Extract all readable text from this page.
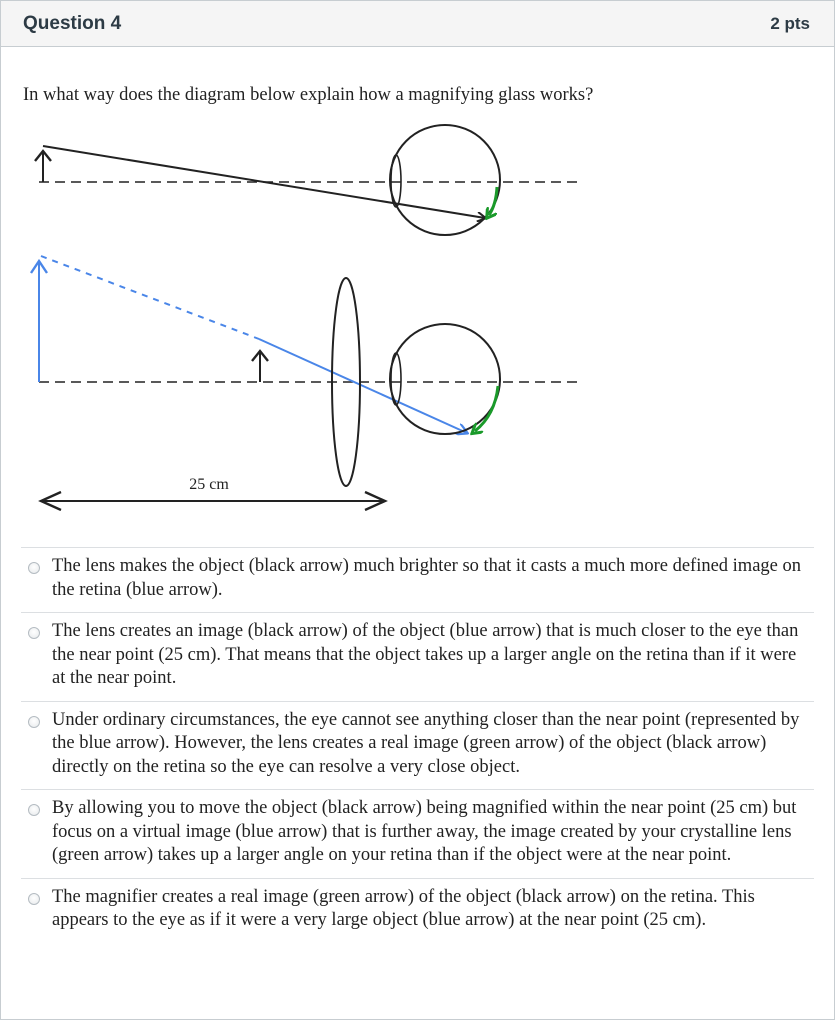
Question 4	2 pts
In what way does the diagram below explain how a magnifying glass works?
25 cm
The lens makes the object (black arrow) much brighter so that it casts a much more defined image on the retina (blue arrow).
The lens creates an image (black arrow) of the object (blue arrow) that is much closer to the eye than the near point (25 cm). That means that the object takes up a larger angle on the retina than if it were at the near point.
Under ordinary circumstances, the eye cannot see anything closer than the near point (represented by the blue arrow). However, the lens creates a real image (green arrow) of the object (black arrow) directly on the retina so the eye can resolve a very close object.
By allowing you to move the object (black arrow) being magnified within the near point (25 cm) but focus on a virtual image (blue arrow) that is further away, the image created by your crystalline lens (green arrow) takes up a larger angle on your retina than if the object were at the near point.
The magnifier creates a real image (green arrow) of the object (black arrow) on the retina. This appears to the eye as if it were a very large object (blue arrow) at the near point (25 cm).
